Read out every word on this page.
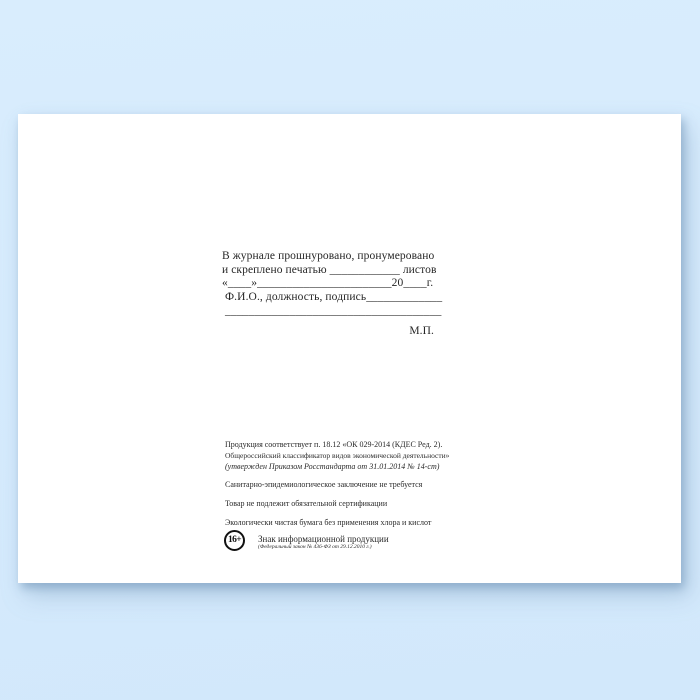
В журнале прошнуровано, пронумеровано
и скреплено печатью ____________ листов
«____»_______________________20____г.
Ф.И.О., должность, подпись_____________
_____________________________________
М.П.
Продукция соответствует п. 18.12 «ОК 029-2014 (КДЕС Ред. 2).
Общероссийский классификатор видов экономической деятельности»
(утвержден Приказом Росстандарта от 31.01.2014 № 14-ст)
Санитарно-эпидемиологическое заключение не требуется
Товар не подлежит обязательной сертификации
Экологически чистая бумага без применения хлора и кислот
16+	Знак информационной продукции
(Федеральный закон № 436-ФЗ от 29.12.2010 г.)
